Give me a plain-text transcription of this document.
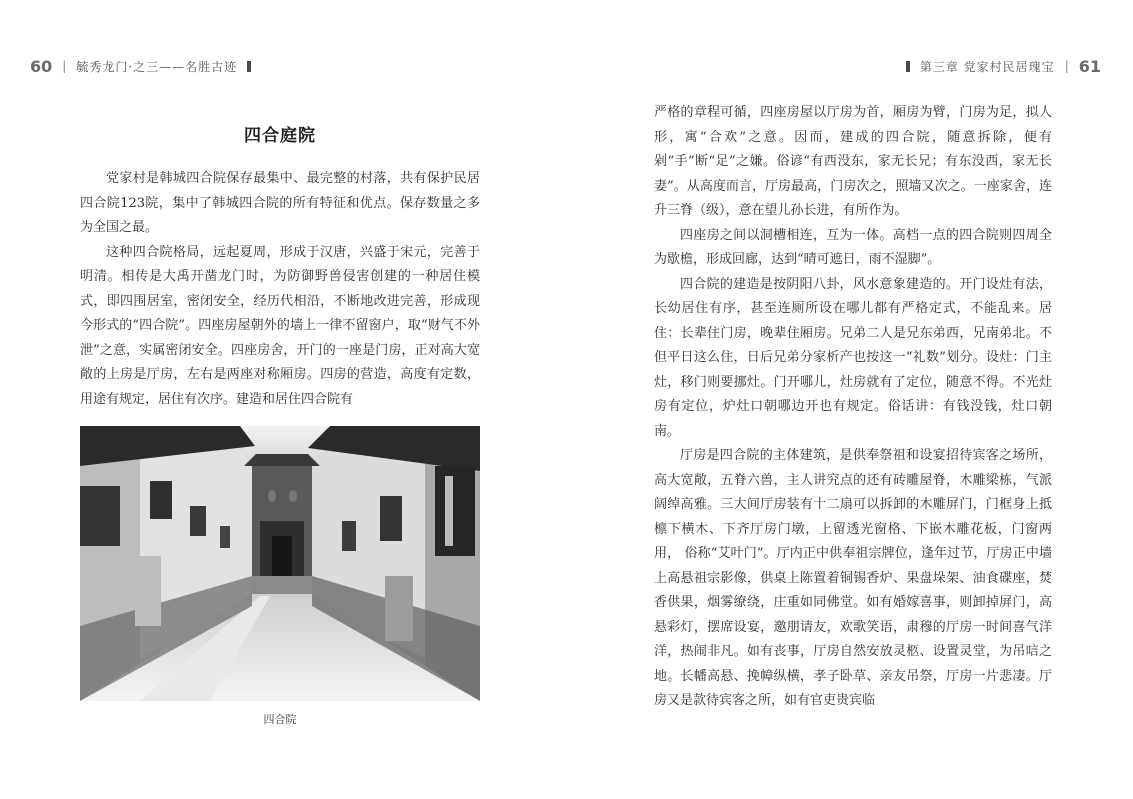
60 | 毓秀龙门·之三——名胜古迹
四合庭院

党家村是韩城四合院保存最集中、最完整的村落，共有保护民居四合院123院，集中了韩城四合院的所有特征和优点。保存数量之多为全国之最。

这种四合院格局，远起夏周，形成于汉唐，兴盛于宋元，完善于明清。相传是大禹开凿龙门时，为防御野兽侵害创建的一种居住模式，即四围居室，密闭安全，经历代相沿，不断地改进完善，形成现今形式的“四合院”。四座房屋朝外的墙上一律不留窗户，取“财气不外泄”之意，实属密闭安全。四座房舍，开门的一座是门房，正对高大宽敞的上房是厅房，左右是两座对称厢房。四房的营造，高度有定数，用途有规定，居住有次序。建造和居住四合院有

四合院
第三章 党家村民居瑰宝 | 61

严格的章程可循，四座房屋以厅房为首，厢房为臂，门房为足，拟人形，寓“合欢”之意。因而，建成的四合院，随意拆除，便有剁“手”断“足”之嫌。俗谚“有西没东，家无长兄；有东没西，家无长妻”。从高度而言，厅房最高，门房次之，照墙又次之。一座家舍，连升三脊（级），意在望儿孙长进，有所作为。

四座房之间以洞槽相连，互为一体。高档一点的四合院则四周全为歇檐，形成回廊，达到“晴可遮日，雨不湿脚”。

四合院的建造是按阴阳八卦，风水意象建造的。开门设灶有法，长幼居住有序，甚至连厕所设在哪儿都有严格定式，不能乱来。居住：长辈住门房，晚辈住厢房。兄弟二人是兄东弟西，兄南弟北。不但平日这么住，日后兄弟分家析产也按这一“礼数”划分。设灶：门主灶，移门则要挪灶。门开哪儿，灶房就有了定位，随意不得。不光灶房有定位，炉灶口朝哪边开也有规定。俗话讲：有钱没钱，灶口朝南。

厅房是四合院的主体建筑，是供奉祭祖和设宴招待宾客之场所，高大宽敞，五脊六兽，主人讲究点的还有砖雕屋脊，木雕梁栋，气派阔绰高雅。三大间厅房装有十二扇可以拆卸的木雕屏门，门框身上抵檩下横木、下齐厅房门墩，上留透光窗格、下嵌木雕花板，门窗两用， 俗称“艾叶门”。厅内正中供奉祖宗牌位，逢年过节，厅房正中墙上高悬祖宗影像，供桌上陈置着铜锡香炉、果盘垛架、油食碟座，焚香供果，烟雾缭绕，庄重如同佛堂。如有婚嫁喜事，则卸掉屏门，高悬彩灯，摆席设宴，邀朋请友，欢歌笑语，肃穆的厅房一时间喜气洋洋，热闹非凡。如有丧事，厅房自然安放灵柩、设置灵堂，为吊唁之地。长幡高悬、挽幛纵横，孝子卧草、亲友吊祭，厅房一片悲凄。厅房又是款待宾客之所，如有官吏贵宾临
